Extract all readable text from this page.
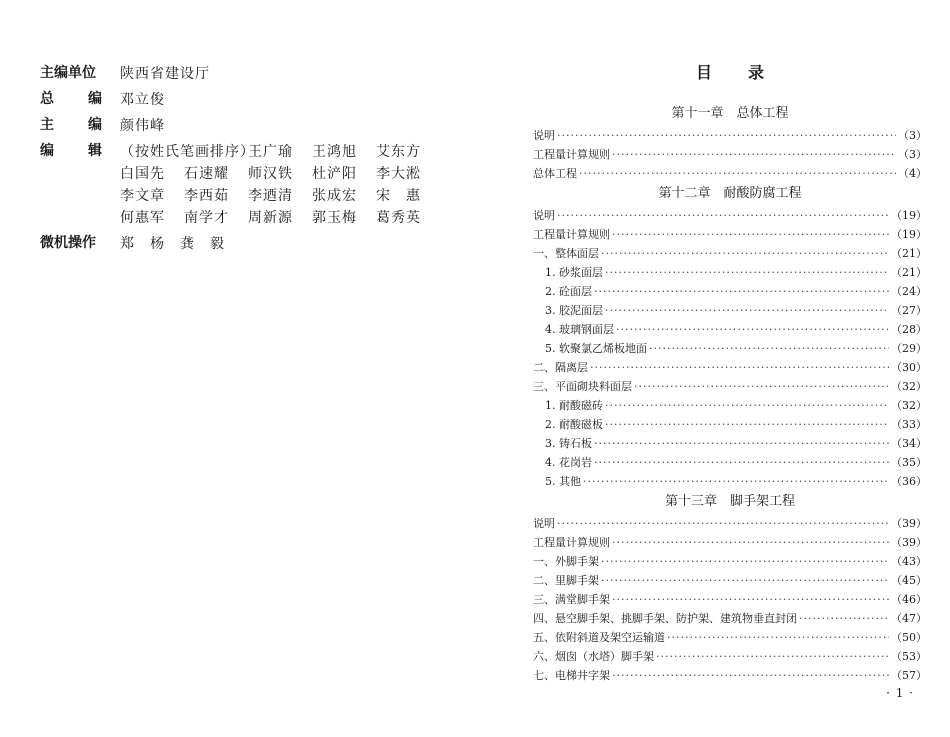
主编单位	陕西省建设厅
总 编 邓立俊
主 编 颜伟峰
编 辑 （按姓氏笔画排序）
王广瑜	王鸿旭	艾东方
白国先	石速耀	师汉铁	杜浐阳	李大淞
李文章	李西茹	李迺清	张成宏	宋　惠
何惠军	南学才	周新源	郭玉梅	葛秀英
微机操作	郑　杨　龚　毅
目录
第十一章　总体工程
说明 ·····	（3）
工程量计算规则 ·····	（3）
总体工程 ·····	（4）
第十二章　耐酸防腐工程
说明 ·····	（19）
工程量计算规则 ·····	（19）
一、整体面层 ·····	（21）
1. 砂浆面层 ·····	（21）
2. 砼面层 ·····	（24）
3. 胶泥面层 ·····	（27）
4. 玻璃钢面层 ·····	（28）
5. 软聚氯乙烯板地面 ·····	（29）
二、隔离层 ·····	（30）
三、平面砌块料面层 ·····	（32）
1. 耐酸磁砖 ·····	（32）
2. 耐酸磁板 ·····	（33）
3. 铸石板 ·····	（34）
4. 花岗岩 ·····	（35）
5. 其他 ·····	（36）
第十三章　脚手架工程
说明 ·····	（39）
工程量计算规则 ·····	（39）
一、外脚手架 ·····	（43）
二、里脚手架 ·····	（45）
三、满堂脚手架 ·····	（46）
四、悬空脚手架、挑脚手架、防护架、建筑物垂直封闭 ·····	（47）
五、依附斜道及架空运输道 ·····	（50）
六、烟囱（水塔）脚手架 ·····	（53）
七、电梯井字架 ·····	（57）
· 1 ·
